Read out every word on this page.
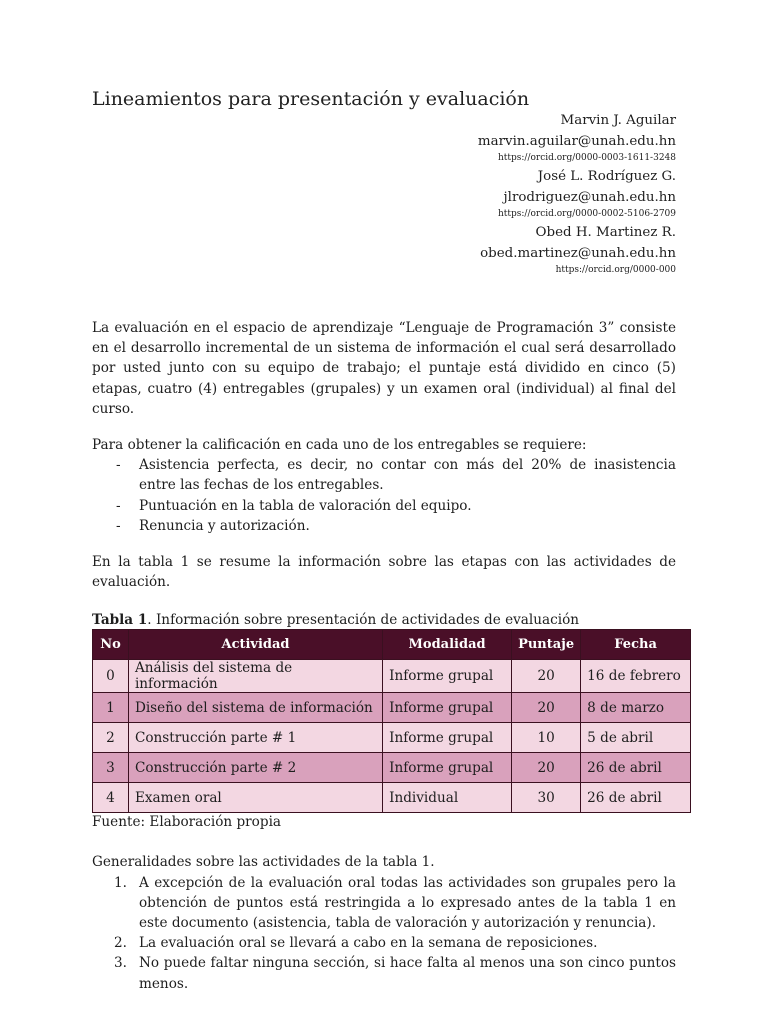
Lineamientos para presentación y evaluación
Marvin J. Aguilar
marvin.aguilar@unah.edu.hn
https://orcid.org/0000-0003-1611-3248
José L. Rodríguez G.
jlrodriguez@unah.edu.hn
https://orcid.org/0000-0002-5106-2709
Obed H. Martinez R.
obed.martinez@unah.edu.hn
https://orcid.org/0000-000

La evaluación en el espacio de aprendizaje “Lenguaje de Programación 3” consiste en el desarrollo incremental de un sistema de información el cual será desarrollado por usted junto con su equipo de trabajo; el puntaje está dividido en cinco (5) etapas, cuatro (4) entregables (grupales) y un examen oral (individual) al final del curso.

Para obtener la calificación en cada uno de los entregables se requiere:

- Asistencia perfecta, es decir, no contar con más del 20% de inasistencia entre las fechas de los entregables.
- Puntuación en la tabla de valoración del equipo.
- Renuncia y autorización.

En la tabla 1 se resume la información sobre las etapas con las actividades de evaluación.

Tabla 1. Información sobre presentación de actividades de evaluación
No	Actividad	Modalidad	Puntaje	Fecha
0	Análisis del sistema de información	Informe grupal	20	16 de febrero
1	Diseño del sistema de información	Informe grupal	20	8 de marzo
2	Construcción parte # 1	Informe grupal	10	5 de abril
3	Construcción parte # 2	Informe grupal	20	26 de abril
4	Examen oral	Individual	30	26 de abril
Fuente: Elaboración propia

Generalidades sobre las actividades de la tabla 1.

1. A excepción de la evaluación oral todas las actividades son grupales pero la obtención de puntos está restringida a lo expresado antes de la tabla 1 en este documento (asistencia, tabla de valoración y autorización y renuncia).
2. La evaluación oral se llevará a cabo en la semana de reposiciones.
3. No puede faltar ninguna sección, si hace falta al menos una son cinco puntos menos.
